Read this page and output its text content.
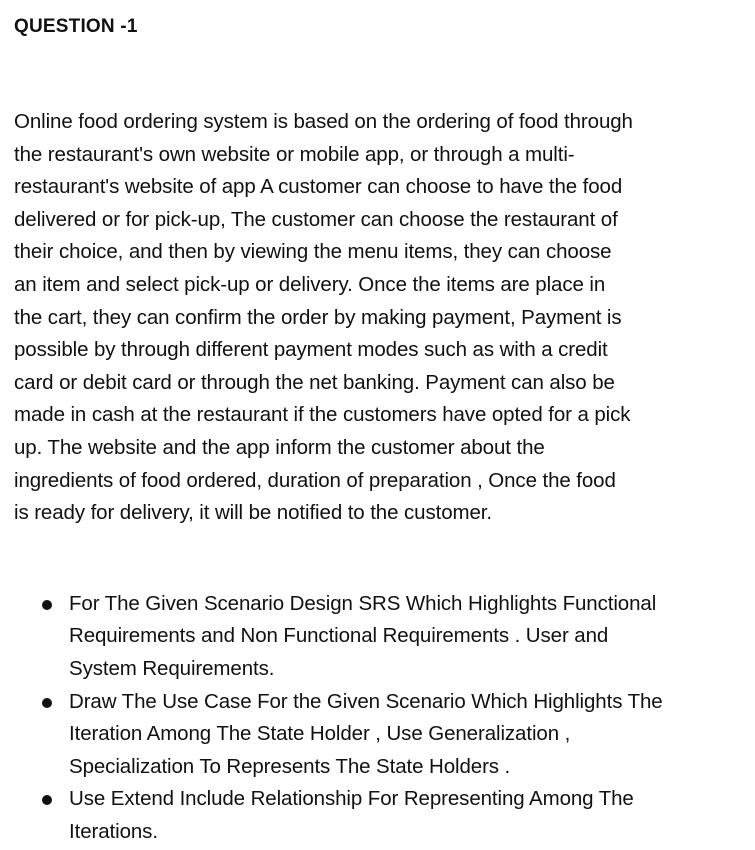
QUESTION -1

Online food ordering system is based on the ordering of food through
the restaurant's own website or mobile app, or through a multi-
restaurant's website of app A customer can choose to have the food
delivered or for pick-up, The customer can choose the restaurant of
their choice, and then by viewing the menu items, they can choose
an item and select pick-up or delivery. Once the items are place in
the cart, they can confirm the order by making payment, Payment is
possible by through different payment modes such as with a credit
card or debit card or through the net banking. Payment can also be
made in cash at the restaurant if the customers have opted for a pick
up. The website and the app inform the customer about the
ingredients of food ordered, duration of preparation , Once the food
is ready for delivery, it will be notified to the customer.

For The Given Scenario Design SRS Which Highlights Functional
Requirements and Non Functional Requirements . User and
System Requirements.
Draw The Use Case For the Given Scenario Which Highlights The
Iteration Among The State Holder , Use Generalization ,
Specialization To Represents The State Holders .
Use Extend Include Relationship For Representing Among The
Iterations.
